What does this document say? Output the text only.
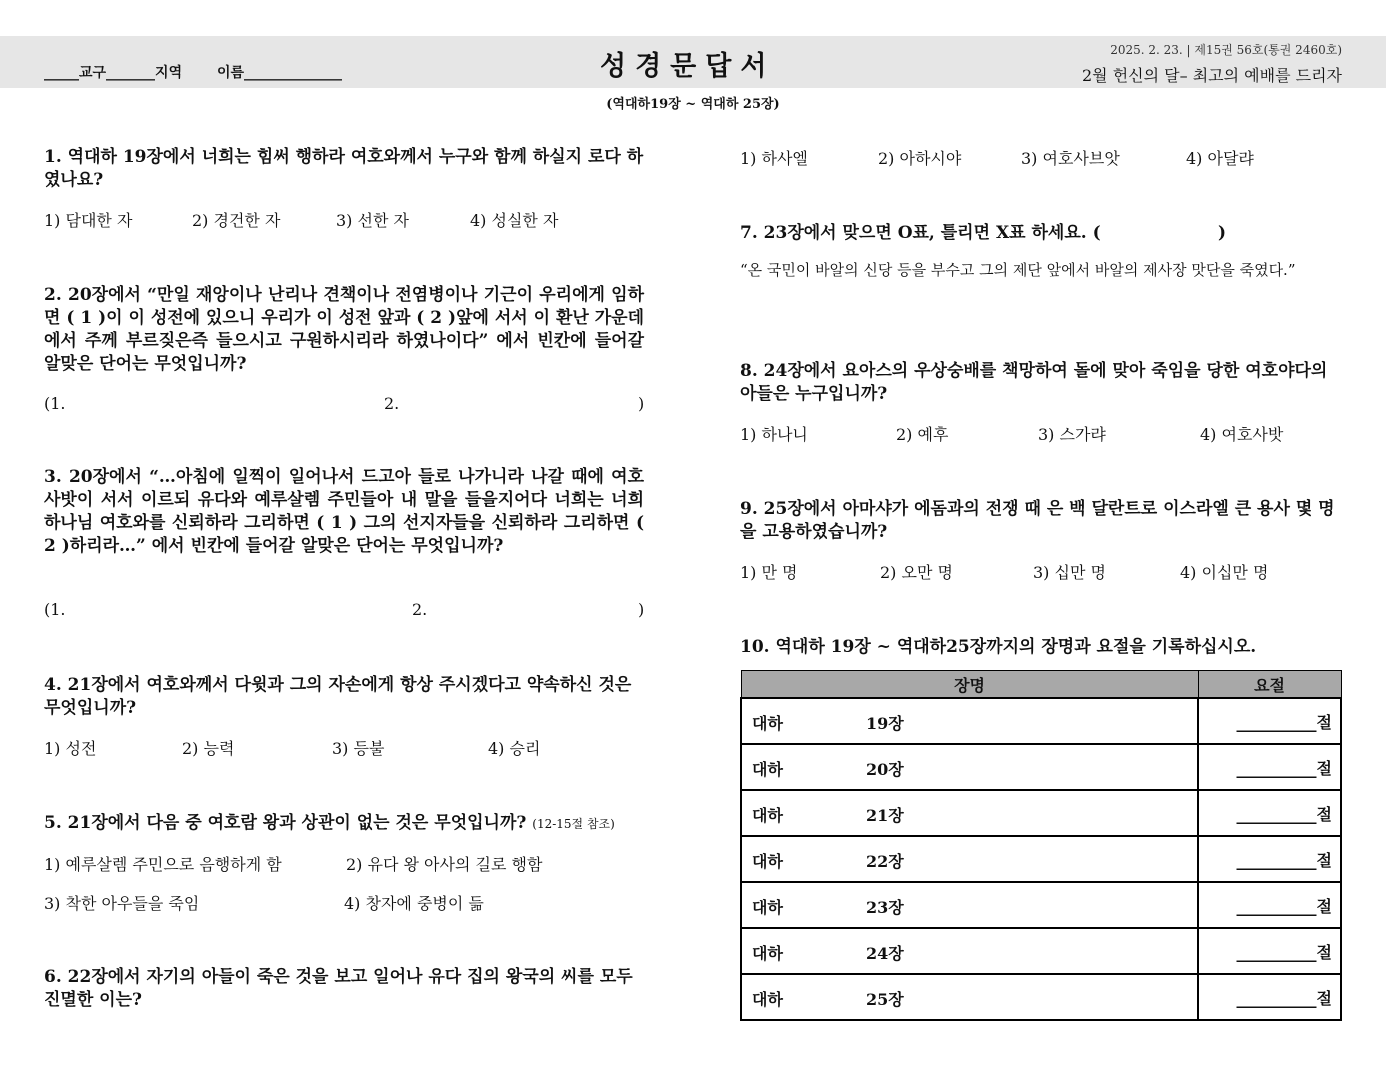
_____교구_______지역 이름______________	성경문답서
2025. 2. 23. | 제15권 56호(통권 2460호)
2월 헌신의 달– 최고의 예배를 드리자
(역대하19장 ~ 역대하 25장)
1. 역대하 19장에서 너희는 힘써 행하라 여호와께서 누구와 함께 하실지 로다 하였나요?
1) 담대한 자	2) 경건한 자	3) 선한 자	4) 성실한 자
2. 20장에서 “만일 재앙이나 난리나 견책이나 전염병이나 기근이 우리에게 임하면 ( 1 )이 이 성전에 있으니 우리가 이 성전 앞과 ( 2 )앞에 서서 이 환난 가운데에서 주께 부르짖은즉 들으시고 구원하시리라 하였나이다” 에서 빈칸에 들어갈 알맞은 단어는 무엇입니까?
(1.	2.	)
3. 20장에서 “…아침에 일찍이 일어나서 드고아 들로 나가니라 나갈 때에 여호사밧이 서서 이르되 유다와 예루살렘 주민들아 내 말을 들을지어다 너희는 너희 하나님 여호와를 신뢰하라 그리하면 ( 1 ) 그의 선지자들을 신뢰하라 그리하면 ( 2 )하리라…” 에서 빈칸에 들어갈 알맞은 단어는 무엇입니까?
(1.	2.	)
4. 21장에서 여호와께서 다윗과 그의 자손에게 항상 주시겠다고 약속하신 것은 무엇입니까?
1) 성전	2) 능력	3) 등불	4) 승리
5. 21장에서 다음 중 여호람 왕과 상관이 없는 것은 무엇입니까? (12-15절 참조)
1) 예루살렘 주민으로 음행하게 함	2) 유다 왕 아사의 길로 행함
3) 착한 아우들을 죽임	4) 창자에 중병이 듦
6. 22장에서 자기의 아들이 죽은 것을 보고 일어나 유다 집의 왕국의 씨를 모두 진멸한 이는?
1) 하사엘	2) 아하시야	3) 여호사브앗	4) 아달랴
7. 23장에서 맞으면 O표, 틀리면 X표 하세요. (	)
“온 국민이 바알의 신당 등을 부수고 그의 제단 앞에서 바알의 제사장 맛단을 죽였다.”
8. 24장에서 요아스의 우상숭배를 책망하여 돌에 맞아 죽임을 당한 여호야다의 아들은 누구입니까?
1) 하나니	2) 예후	3) 스가랴	4) 여호사밧
9. 25장에서 아마샤가 에돔과의 전쟁 때 은 백 달란트로 이스라엘 큰 용사 몇 명을 고용하였습니까?
1) 만 명	2) 오만 명	3) 십만 명	4) 이십만 명
10. 역대하 19장 ~ 역대하25장까지의 장명과 요절을 기록하십시오.
장명	요절

대하 19장	__________절

대하 20장	__________절

대하 21장	__________절

대하 22장	__________절

대하 23장	__________절

대하 24장	__________절

대하 25장	__________절
